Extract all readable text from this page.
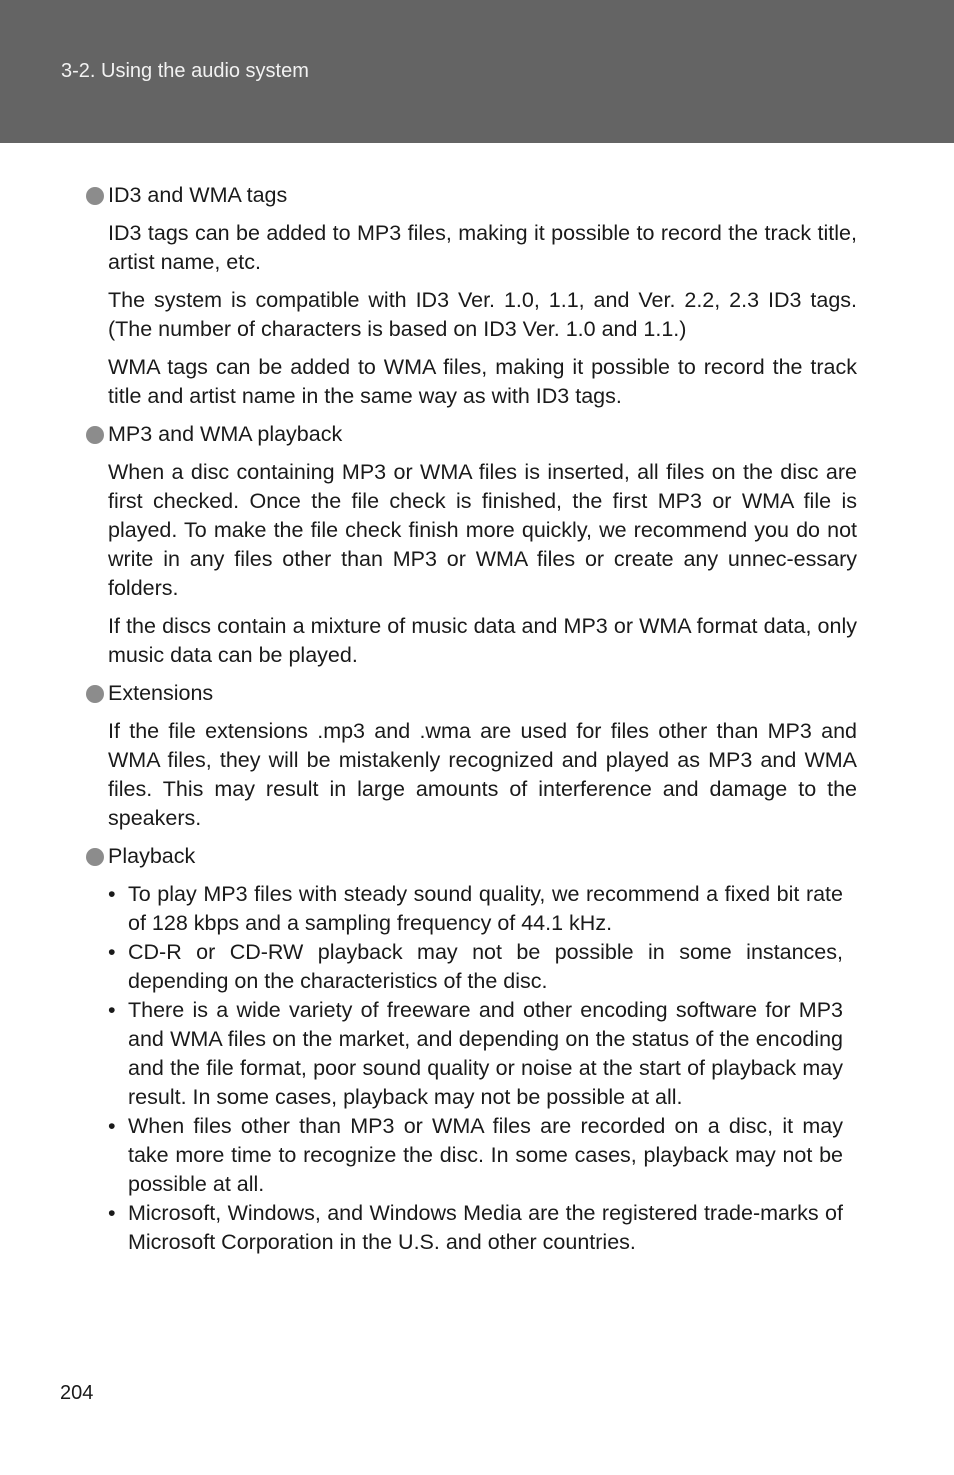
3-2. Using the audio system
ID3 and WMA tags

ID3 tags can be added to MP3 files, making it possible to record the track title, artist name, etc.

The system is compatible with ID3 Ver. 1.0, 1.1, and Ver. 2.2, 2.3 ID3 tags. (The number of characters is based on ID3 Ver. 1.0 and 1.1.)

WMA tags can be added to WMA files, making it possible to record the track title and artist name in the same way as with ID3 tags.

MP3 and WMA playback

When a disc containing MP3 or WMA files is inserted, all files on the disc are first checked. Once the file check is finished, the first MP3 or WMA file is played. To make the file check finish more quickly, we recommend you do not write in any files other than MP3 or WMA files or create any unnec-essary folders.

If the discs contain a mixture of music data and MP3 or WMA format data, only music data can be played.

Extensions

If the file extensions .mp3 and .wma are used for files other than MP3 and WMA files, they will be mistakenly recognized and played as MP3 and WMA files. This may result in large amounts of interference and damage to the speakers.

Playback
• To play MP3 files with steady sound quality, we recommend a fixed bit rate of 128 kbps and a sampling frequency of 44.1 kHz.
• CD-R or CD-RW playback may not be possible in some instances, depending on the characteristics of the disc.
• There is a wide variety of freeware and other encoding software for MP3 and WMA files on the market, and depending on the status of the encoding and the file format, poor sound quality or noise at the start of playback may result. In some cases, playback may not be possible at all.
• When files other than MP3 or WMA files are recorded on a disc, it may take more time to recognize the disc. In some cases, playback may not be possible at all.
• Microsoft, Windows, and Windows Media are the registered trade-marks of Microsoft Corporation in the U.S. and other countries.
204
